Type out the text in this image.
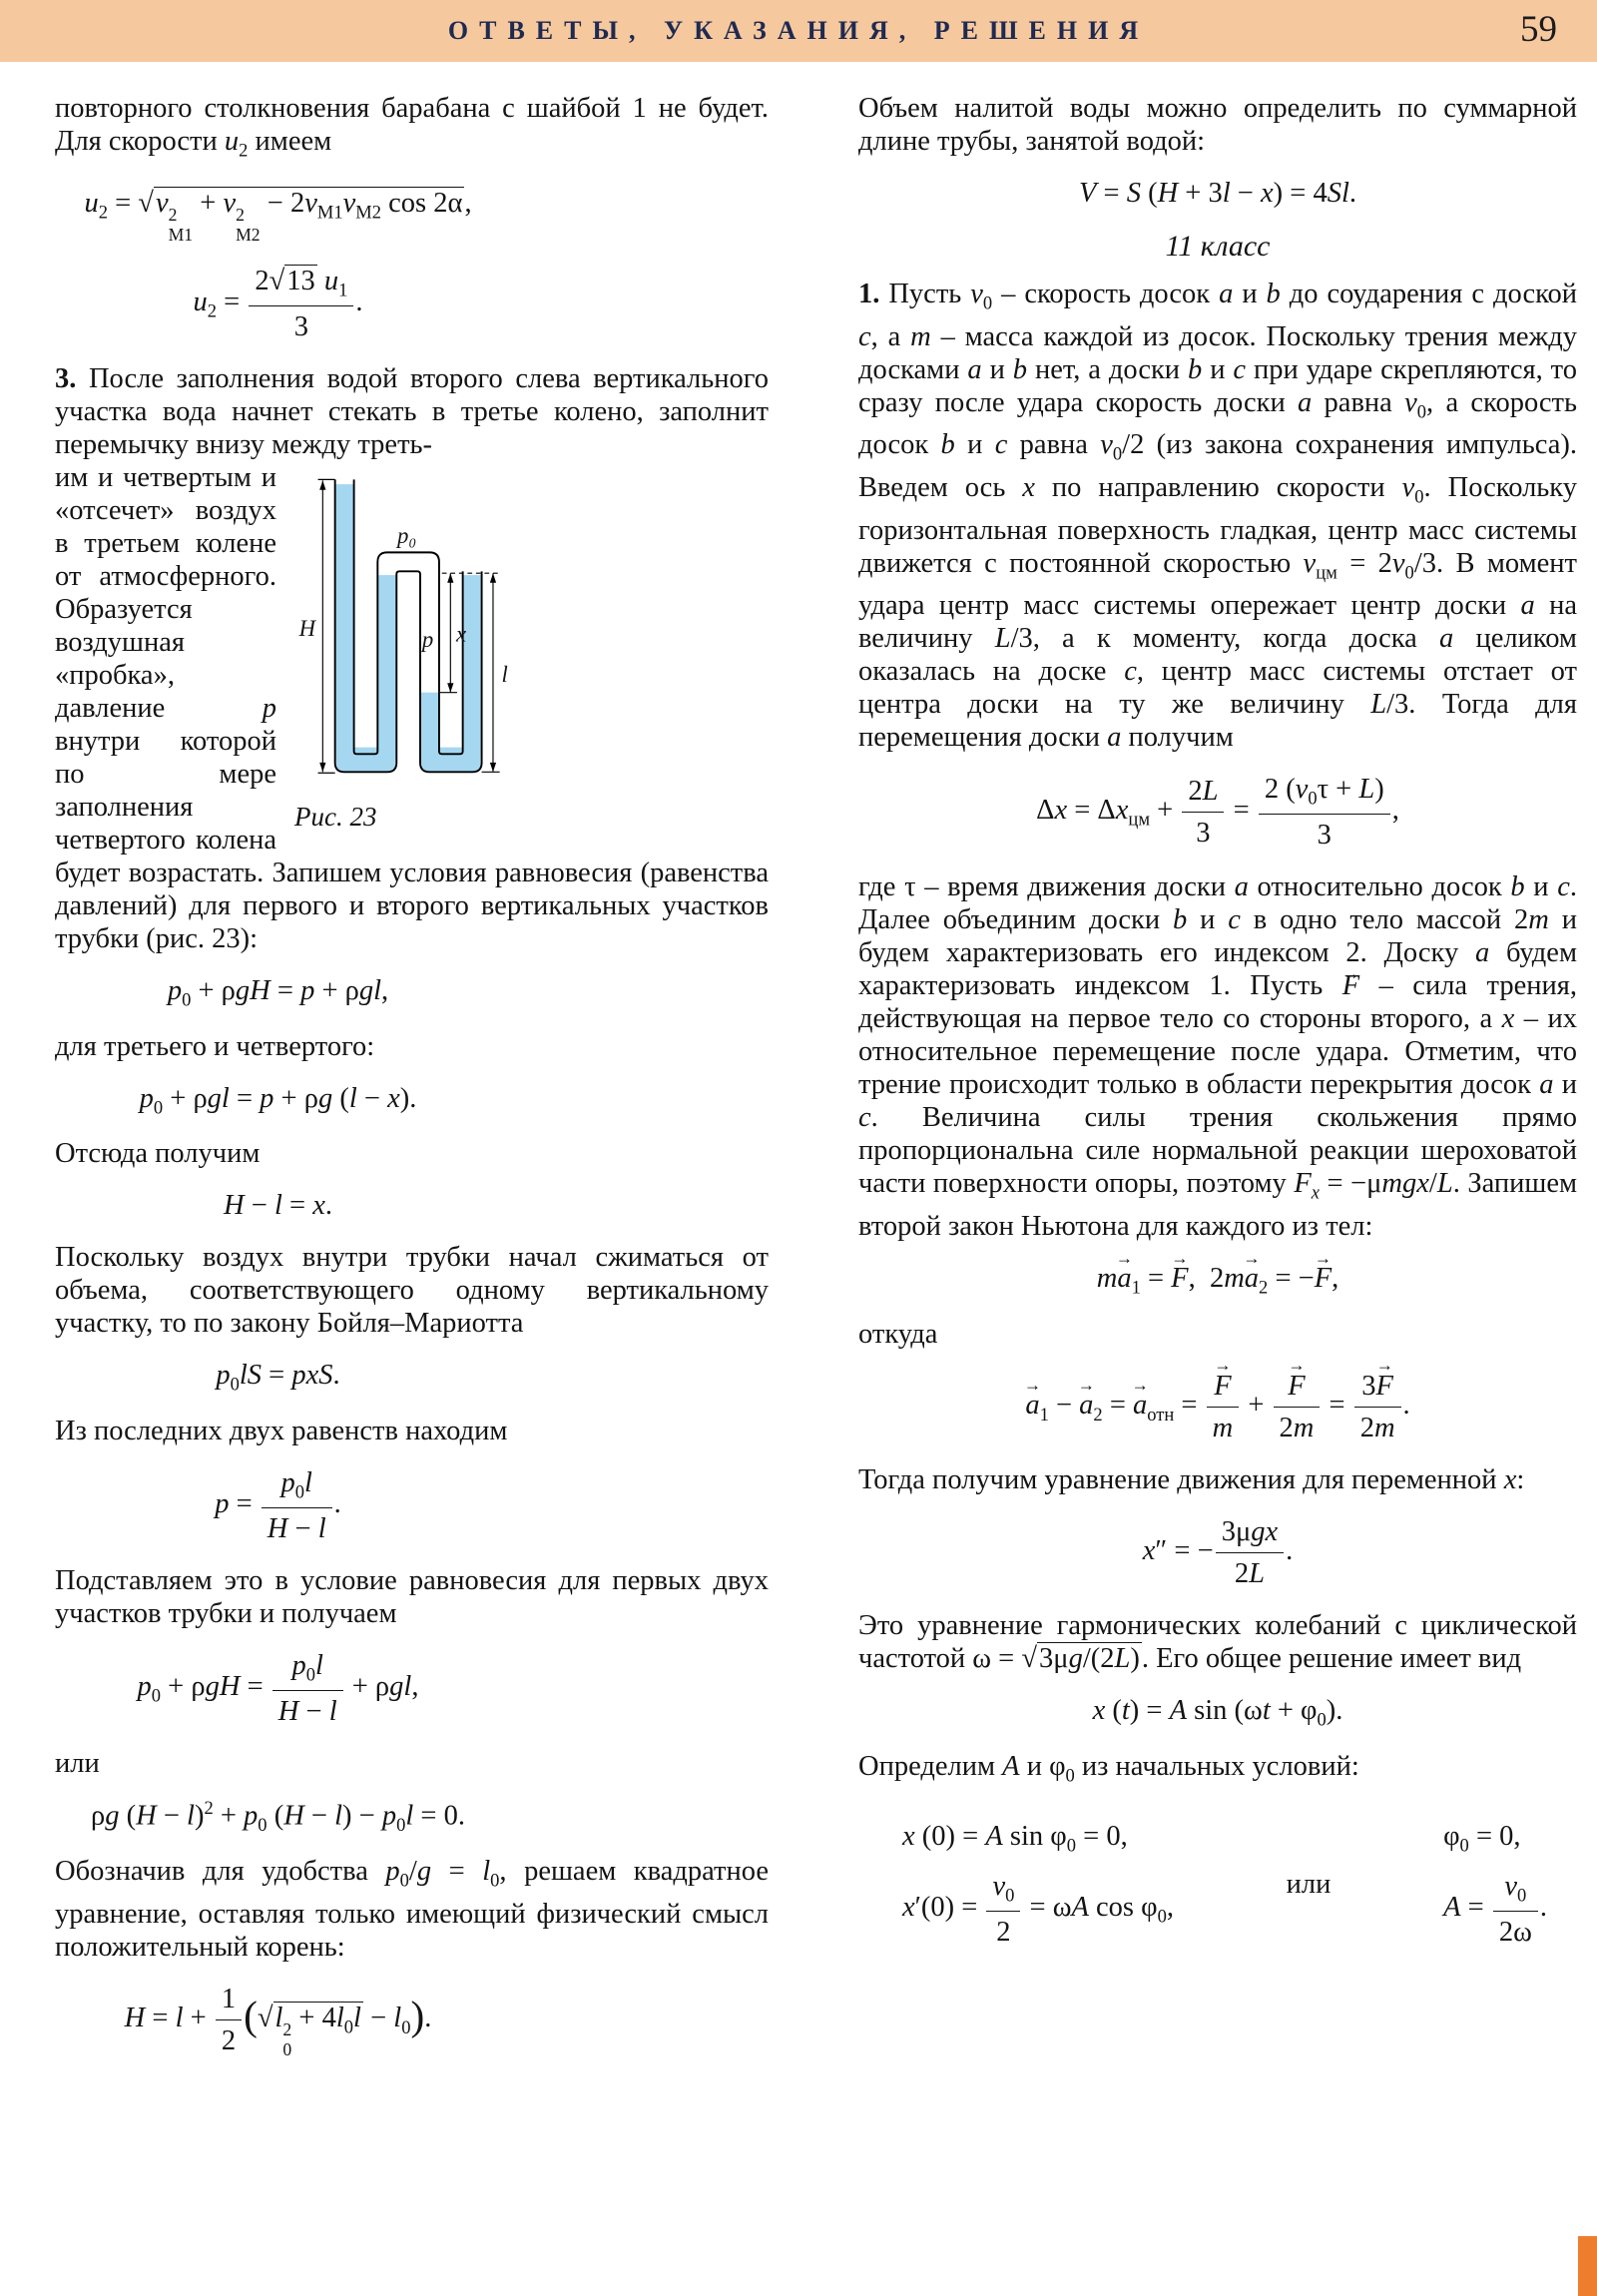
ОТВЕТЫ, УКАЗАНИЯ, РЕШЕНИЯ	59

повторного столкновения барабана с шайбой 1 не будет. Для скорости $u_2$ имеем

$u_2 = √v$ 2
M1
+ v 2
M2
− $2v_{M1}v_{M2}$ cos 2α,
$u_2 = \frac{2√13 u_1}{3}$ .

3. После заполнения водой второго слева вертикального участка вода начнет стекать в третье колено, заполнит перемычку внизу между треть-

H
p₀
p x
l
Рис. 23
им и четвертым и «отсечет» воздух в третьем колене от атмосферного. Образуется воздушная «пробка», давление p внутри которой по мере заполнения четвертого колена будет возрастать. Запишем условия равновесия (равенства давлений) для первого и второго вертикальных участков трубки (рис. 23):
$p_0 + \rho gH = p + \rho gl$,

для третьего и четвертого:

$p_0 + \rho gl = p + \rho g$ (l − x).

Отсюда получим

H − l = x.

Поскольку воздух внутри трубки начал сжиматься от объема, соответствующего одному вертикальному участку, то по закону Бойля–Мариотта

$p_0lS$ = pxS.

Из последних двух равенств находим

$p = \frac{p_0l}{H - l}$ .

Подставляем это в условие равновесия для первых двух участков трубки и получаем

$p_0 + \rho gH = \frac{p_0l}{H - l} + \rho gl$,

или

ρg $(H - l)^2 + p_0$ $(H - l) - p_0l = 0$.

Обозначив для удобства $p_0/g = l_0$, решаем квадратное уравнение, оставляя только имеющий физический смысл положительный корень:

$H = l + \frac{1}{2} (√l$ 2
0
+ $4l_0l - l_0$).

Объем налитой воды можно определить по суммарной длине трубы, занятой водой:

V = S (H + 3l − x) = 4Sl.
11 класс

1. Пусть $v_0$ – скорость досок a и b до соударения с доской c, а m – масса каждой из досок. Поскольку трения между досками a и b нет, а доски b и c при ударе скрепляются, то сразу после удара скорость доски a равна $v_0$, а скорость досок b и c равна $v_0/2$ (из закона сохранения импульса). Введем ось x по направлению скорости $v_0$. Поскольку горизонтальная поверхность гладкая, центр масс системы движется с постоянной скоростью $v_{цм} = 2v_0/3$. В момент удара центр масс системы опережает центр доски a на величину L/3, а к моменту, когда доска a целиком оказалась на доске c, центр масс системы отстает от центра доски на ту же величину L/3. Тогда для перемещения доски a получим

$\Delta x = \Delta x_{цм} + \frac{2L}{3} = \frac{2 (v_0\tau + L)}{3}$ ,

где τ – время движения доски a относительно досок b и c. Далее объединим доски b и c в одно тело массой 2m и будем характеризовать его индексом 2. Доску a будем характеризовать индексом 1. Пусть → F – сила трения, действующая на первое тело со стороны второго, а x – их относительное перемещение после удара. Отметим, что трение происходит только в области перекрытия досок a и c. Величина силы трения скольжения прямо пропорциональна силе нормальной реакции шероховатой части поверхности опоры, поэтому $F_x = -\mu mgx/L$. Запишем второй закон Ньютона для каждого из тел:

$m\to a_1$ = → F,  $2m\to a_2$ = −→ F,

откуда

→ $a_1$ − → $a_2$ = → $a_{отн}$ = → $\frac{F}{m}$ + → $\frac{F}{2m} = \frac{3\to F}{2m}$ .

Тогда получим уравнение движения для переменной x:

x″ = −
3μgx
2L
.

Это уравнение гармонических колебаний с циклической частотой ω = √3μg/(2L). Его общее решение имеет вид

x (t) = A $\sin (\omega t + \varphi_0)$.

Определим A и $\varphi_0$ из начальных условий:

x (0) = A $\sin \varphi_0 = 0$,
$x'(0) = \frac{v_0}{2} = \omega A$ $\cos \varphi_0$,
или
$\varphi_0 = 0$,
$A = \frac{v_0}{2\omega}$ .
